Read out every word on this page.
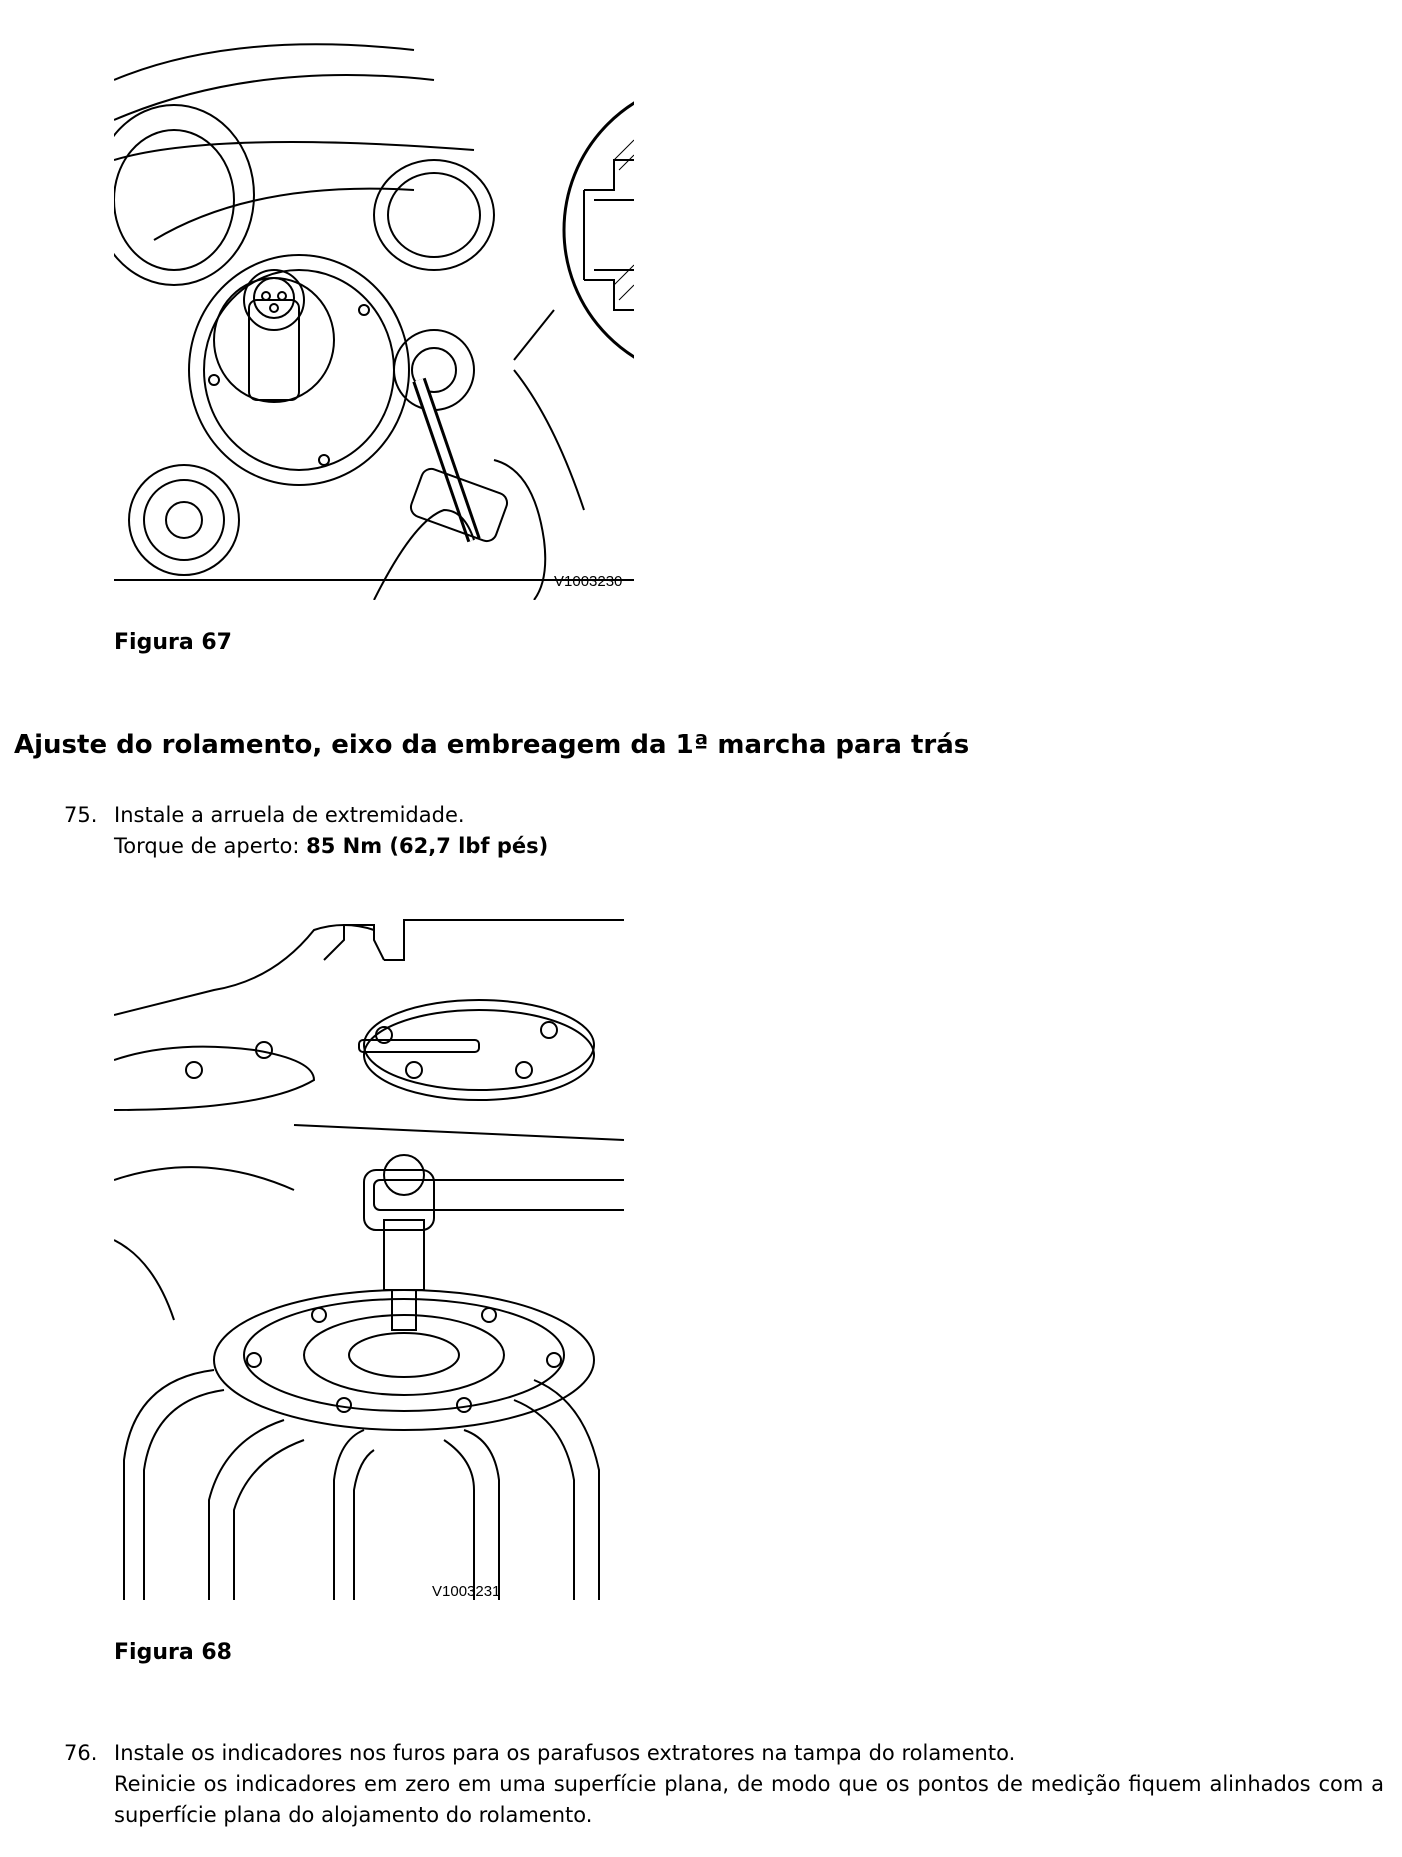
V1003230
Figura 67
Ajuste do rolamento, eixo da embreagem da 1ª marcha para trás
75. Instale a arruela de extremidade.
Torque de aperto: 85 Nm (62,7 lbf pés)
V1003231
Figura 68
76. Instale os indicadores nos furos para os parafusos extratores na tampa do rolamento.
Reinicie os indicadores em zero em uma superfície plana, de modo que os pontos de medição fiquem alinhados com a superfície plana do alojamento do rolamento.
